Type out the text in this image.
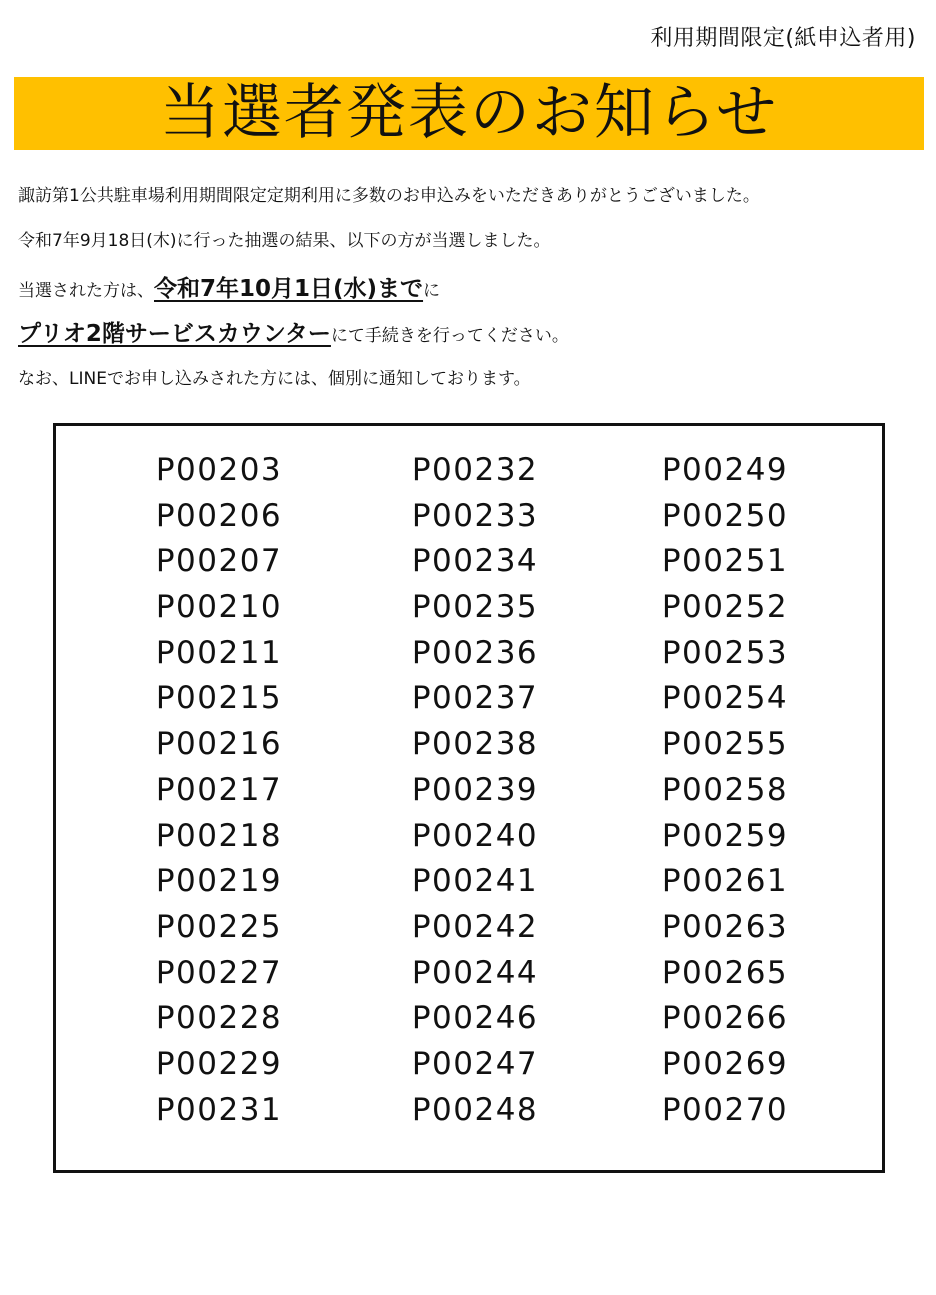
利用期間限定(紙申込者用)
当選者発表のお知らせ
諏訪第1公共駐車場利用期間限定定期利用に多数のお申込みをいただきありがとうございました。
令和7年9月18日(木)に行った抽選の結果、以下の方が当選しました。
当選された方は、令和7年10月1日(水)までに
プリオ2階サービスカウンターにて手続きを行ってください。
なお、LINEでお申し込みされた方には、個別に通知しております。
P00203	P00232	P00249
P00206	P00233	P00250
P00207	P00234	P00251
P00210	P00235	P00252
P00211	P00236	P00253
P00215	P00237	P00254
P00216	P00238	P00255
P00217	P00239	P00258
P00218	P00240	P00259
P00219	P00241	P00261
P00225	P00242	P00263
P00227	P00244	P00265
P00228	P00246	P00266
P00229	P00247	P00269
P00231	P00248	P00270
